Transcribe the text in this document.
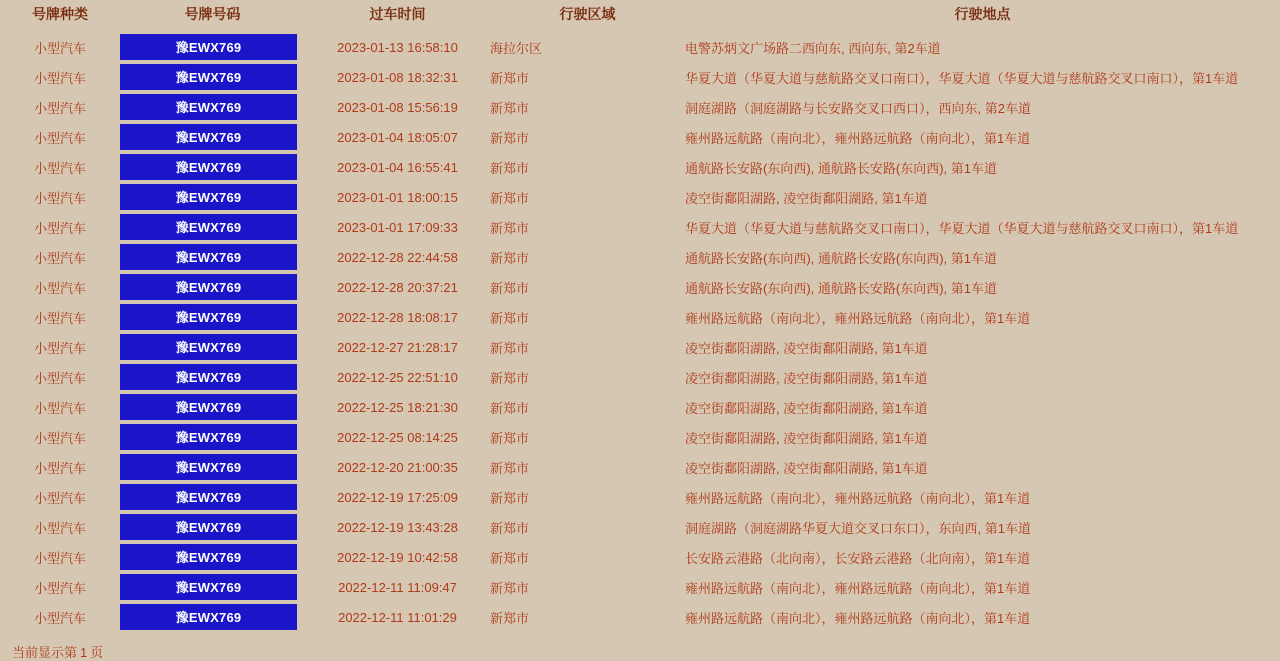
号牌种类	号牌号码	过车时间	行驶区域	行驶地点
小型汽车	豫EWX769	2023-01-13 16:58:10	海拉尔区	电警苏炳文广场路二西向东, 西向东, 第2车道
小型汽车	豫EWX769	2023-01-08 18:32:31	新郑市	华夏大道（华夏大道与慈航路交叉口南口），华夏大道（华夏大道与慈航路交叉口南口），第1车道
小型汽车	豫EWX769	2023-01-08 15:56:19	新郑市	洞庭湖路（洞庭湖路与长安路交叉口西口），西向东, 第2车道
小型汽车	豫EWX769	2023-01-04 18:05:07	新郑市	雍州路远航路（南向北），雍州路远航路（南向北），第1车道
小型汽车	豫EWX769	2023-01-04 16:55:41	新郑市	通航路长安路(东向西), 通航路长安路(东向西), 第1车道
小型汽车	豫EWX769	2023-01-01 18:00:15	新郑市	凌空街鄱阳湖路, 凌空街鄱阳湖路, 第1车道
小型汽车	豫EWX769	2023-01-01 17:09:33	新郑市	华夏大道（华夏大道与慈航路交叉口南口），华夏大道（华夏大道与慈航路交叉口南口），第1车道
小型汽车	豫EWX769	2022-12-28 22:44:58	新郑市	通航路长安路(东向西), 通航路长安路(东向西), 第1车道
小型汽车	豫EWX769	2022-12-28 20:37:21	新郑市	通航路长安路(东向西), 通航路长安路(东向西), 第1车道
小型汽车	豫EWX769	2022-12-28 18:08:17	新郑市	雍州路远航路（南向北），雍州路远航路（南向北），第1车道
小型汽车	豫EWX769	2022-12-27 21:28:17	新郑市	凌空街鄱阳湖路, 凌空街鄱阳湖路, 第1车道
小型汽车	豫EWX769	2022-12-25 22:51:10	新郑市	凌空街鄱阳湖路, 凌空街鄱阳湖路, 第1车道
小型汽车	豫EWX769	2022-12-25 18:21:30	新郑市	凌空街鄱阳湖路, 凌空街鄱阳湖路, 第1车道
小型汽车	豫EWX769	2022-12-25 08:14:25	新郑市	凌空街鄱阳湖路, 凌空街鄱阳湖路, 第1车道
小型汽车	豫EWX769	2022-12-20 21:00:35	新郑市	凌空街鄱阳湖路, 凌空街鄱阳湖路, 第1车道
小型汽车	豫EWX769	2022-12-19 17:25:09	新郑市	雍州路远航路（南向北），雍州路远航路（南向北），第1车道
小型汽车	豫EWX769	2022-12-19 13:43:28	新郑市	洞庭湖路（洞庭湖路华夏大道交叉口东口），东向西, 第1车道
小型汽车	豫EWX769	2022-12-19 10:42:58	新郑市	长安路云港路（北向南），长安路云港路（北向南），第1车道
小型汽车	豫EWX769	2022-12-11 11:09:47	新郑市	雍州路远航路（南向北），雍州路远航路（南向北），第1车道
小型汽车	豫EWX769	2022-12-11 11:01:29	新郑市	雍州路远航路（南向北），雍州路远航路（南向北），第1车道
当前显示第 1 页
